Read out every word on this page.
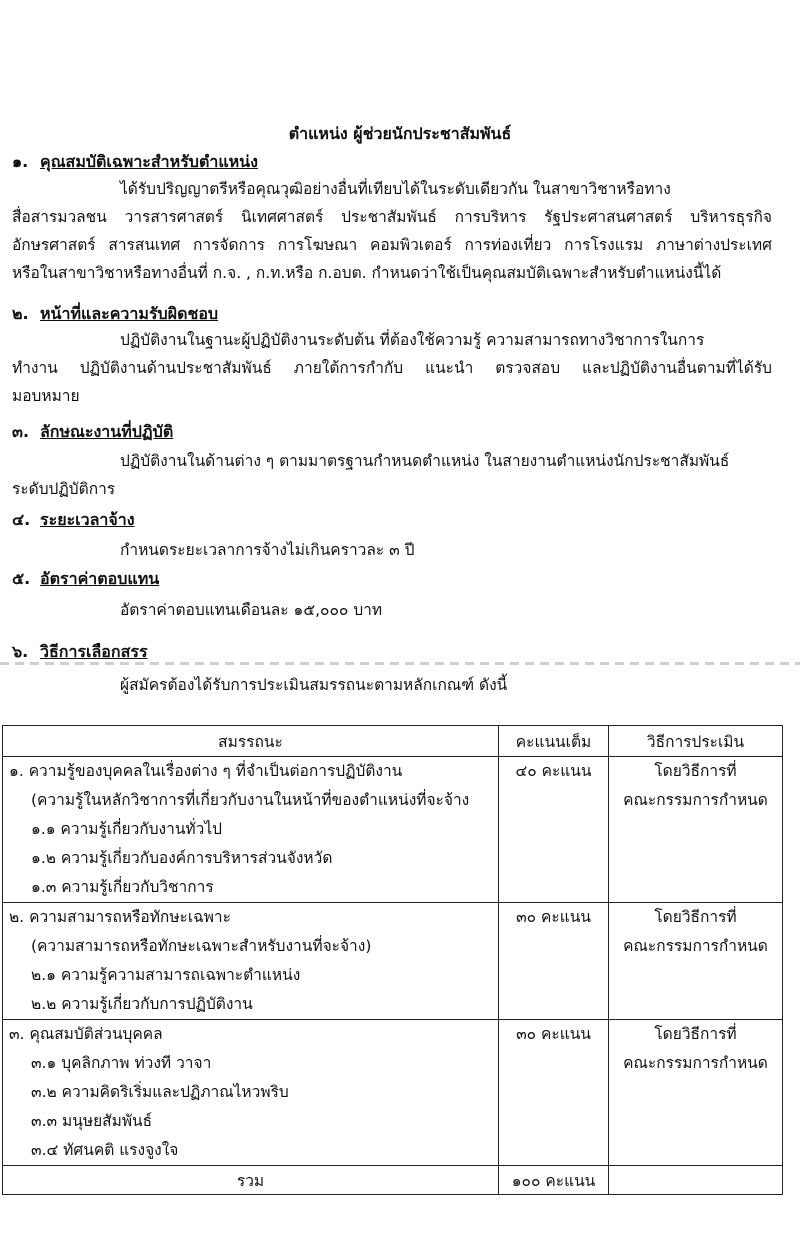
ตำแหน่ง ผู้ช่วยนักประชาสัมพันธ์
๑. คุณสมบัติเฉพาะสำหรับตำแหน่ง
ได้รับปริญญาตรีหรือคุณวุฒิอย่างอื่นที่เทียบได้ในระดับเดียวกัน ในสาขาวิชาหรือทาง
สื่อสารมวลชน วารสารศาสตร์ นิเทศศาสตร์ ประชาสัมพันธ์ การบริหาร รัฐประศาสนศาสตร์ บริหารธุรกิจ
อักษรศาสตร์ สารสนเทศ การจัดการ การโฆษณา คอมพิวเตอร์ การท่องเที่ยว การโรงแรม ภาษาต่างประเทศ
หรือในสาขาวิชาหรือทางอื่นที่ ก.จ. , ก.ท.หรือ ก.อบต. กำหนดว่าใช้เป็นคุณสมบัติเฉพาะสำหรับตำแหน่งนี้ได้
๒. หน้าที่และความรับผิดชอบ
ปฏิบัติงานในฐานะผู้ปฏิบัติงานระดับต้น ที่ต้องใช้ความรู้ ความสามารถทางวิชาการในการ
ทำงาน ปฏิบัติงานด้านประชาสัมพันธ์ ภายใต้การกำกับ แนะนำ ตรวจสอบ และปฏิบัติงานอื่นตามที่ได้รับ
มอบหมาย
๓. ลักษณะงานที่ปฏิบัติ
ปฏิบัติงานในด้านต่าง ๆ ตามมาตรฐานกำหนดตำแหน่ง ในสายงานตำแหน่งนักประชาสัมพันธ์
ระดับปฏิบัติการ
๔. ระยะเวลาจ้าง
กำหนดระยะเวลาการจ้างไม่เกินคราวละ ๓ ปี
๕. อัตราค่าตอบแทน
อัตราค่าตอบแทนเดือนละ ๑๕,๐๐๐ บาท
๖. วิธีการเลือกสรร
ผู้สมัครต้องได้รับการประเมินสมรรถนะตามหลักเกณฑ์ ดังนี้
สมรรถนะ	คะแนนเต็ม	วิธีการประเมิน

๑. ความรู้ของบุคคลในเรื่องต่าง ๆ ที่จำเป็นต่อการปฏิบัติงาน
(ความรู้ในหลักวิชาการที่เกี่ยวกับงานในหน้าที่ของตำแหน่งที่จะจ้าง
๑.๑ ความรู้เกี่ยวกับงานทั่วไป
๑.๒ ความรู้เกี่ยวกับองค์การบริหารส่วนจังหวัด
๑.๓ ความรู้เกี่ยวกับวิชาการ	๔๐ คะแนน	โดยวิธีการที่
คณะกรรมการกำหนด

๒. ความสามารถหรือทักษะเฉพาะ
(ความสามารถหรือทักษะเฉพาะสำหรับงานที่จะจ้าง)
๒.๑ ความรู้ความสามารถเฉพาะตำแหน่ง
๒.๒ ความรู้เกี่ยวกับการปฏิบัติงาน	๓๐ คะแนน	โดยวิธีการที่
คณะกรรมการกำหนด

๓. คุณสมบัติส่วนบุคคล
๓.๑ บุคลิกภาพ ท่วงที วาจา
๓.๒ ความคิดริเริ่มและปฏิภาณไหวพริบ
๓.๓ มนุษยสัมพันธ์
๓.๔ ทัศนคติ แรงจูงใจ	๓๐ คะแนน	โดยวิธีการที่
คณะกรรมการกำหนด

รวม	๑๐๐ คะแนน	
